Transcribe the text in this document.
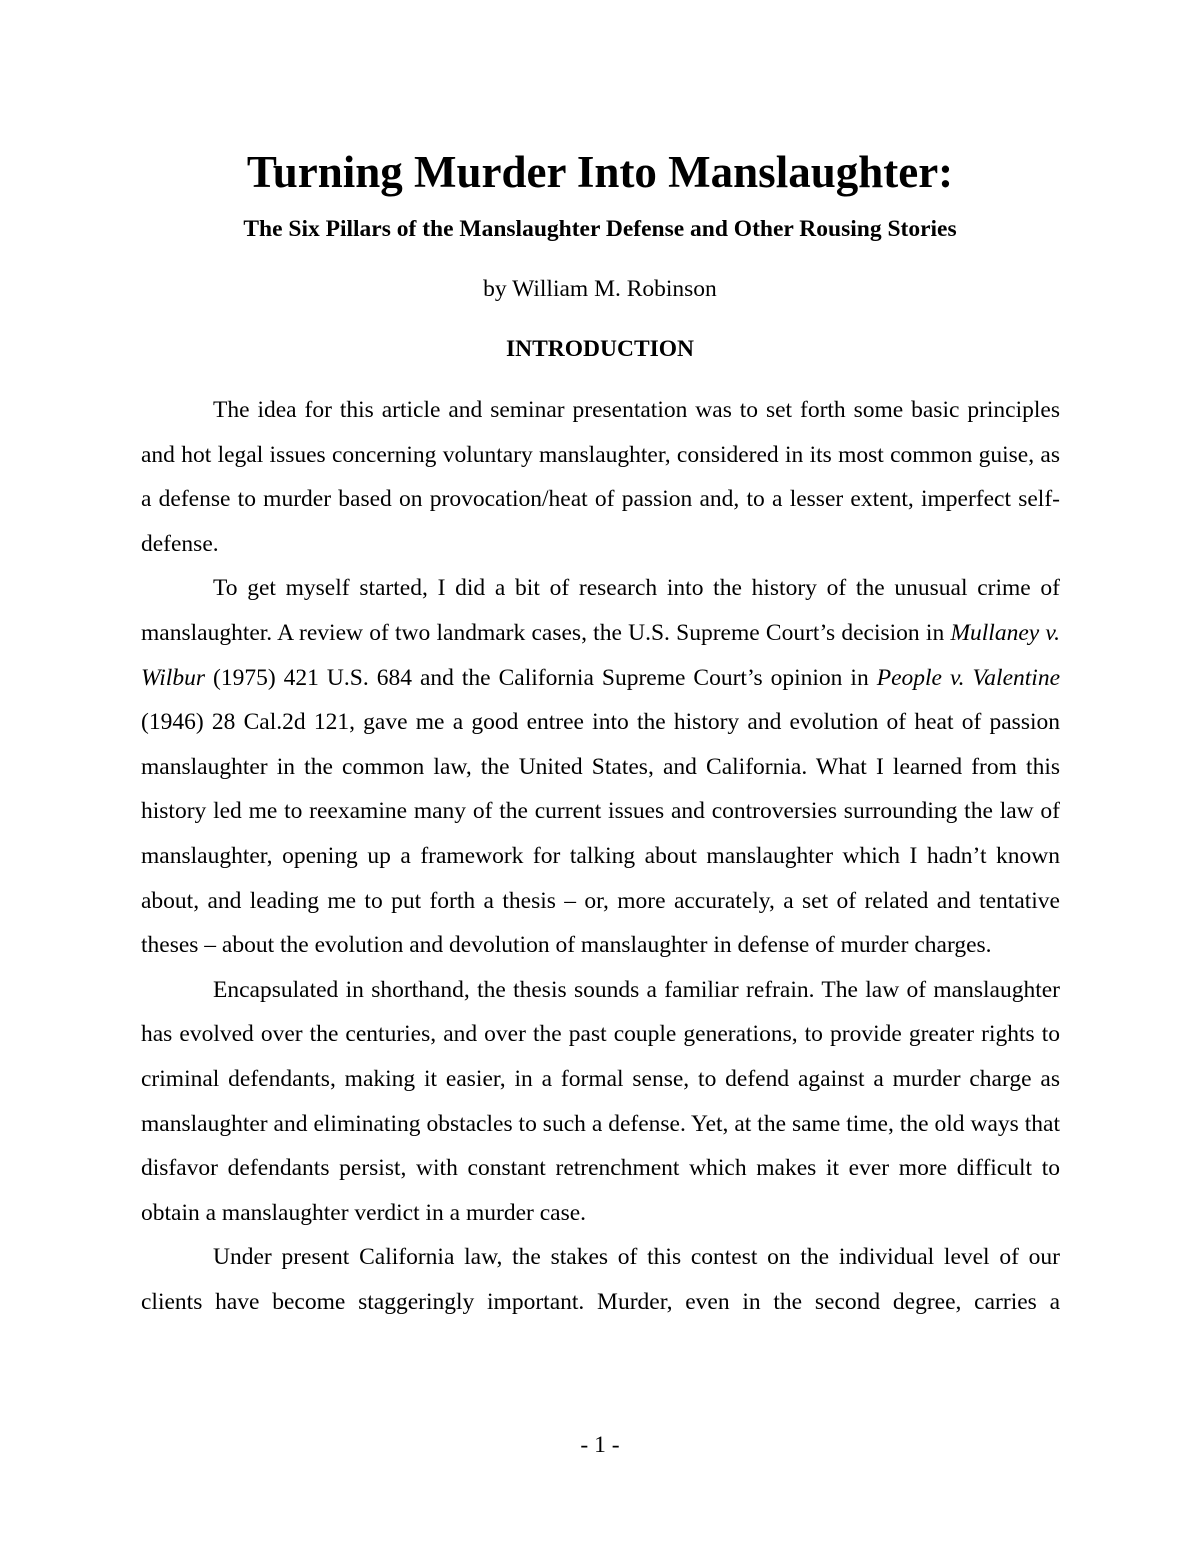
Turning Murder Into Manslaughter:
The Six Pillars of the Manslaughter Defense and Other Rousing Stories

by William M. Robinson

INTRODUCTION

The idea for this article and seminar presentation was to set forth some basic principles and hot legal issues concerning voluntary manslaughter, considered in its most common guise, as a defense to murder based on provocation/heat of passion and, to a lesser extent, imperfect self-defense.

To get myself started, I did a bit of research into the history of the unusual crime of manslaughter. A review of two landmark cases, the U.S. Supreme Court’s decision in Mullaney v. Wilbur (1975) 421 U.S. 684 and the California Supreme Court’s opinion in People v. Valentine (1946) 28 Cal.2d 121, gave me a good entree into the history and evolution of heat of passion manslaughter in the common law, the United States, and California. What I learned from this history led me to reexamine many of the current issues and controversies surrounding the law of manslaughter, opening up a framework for talking about manslaughter which I hadn’t known about, and leading me to put forth a thesis – or, more accurately, a set of related and tentative theses – about the evolution and devolution of manslaughter in defense of murder charges.

Encapsulated in shorthand, the thesis sounds a familiar refrain. The law of manslaughter has evolved over the centuries, and over the past couple generations, to provide greater rights to criminal defendants, making it easier, in a formal sense, to defend against a murder charge as manslaughter and eliminating obstacles to such a defense. Yet, at the same time, the old ways that disfavor defendants persist, with constant retrenchment which makes it ever more difficult to obtain a manslaughter verdict in a murder case.

Under present California law, the stakes of this contest on the individual level of our clients have become staggeringly important. Murder, even in the second degree, carries a

- 1 -
